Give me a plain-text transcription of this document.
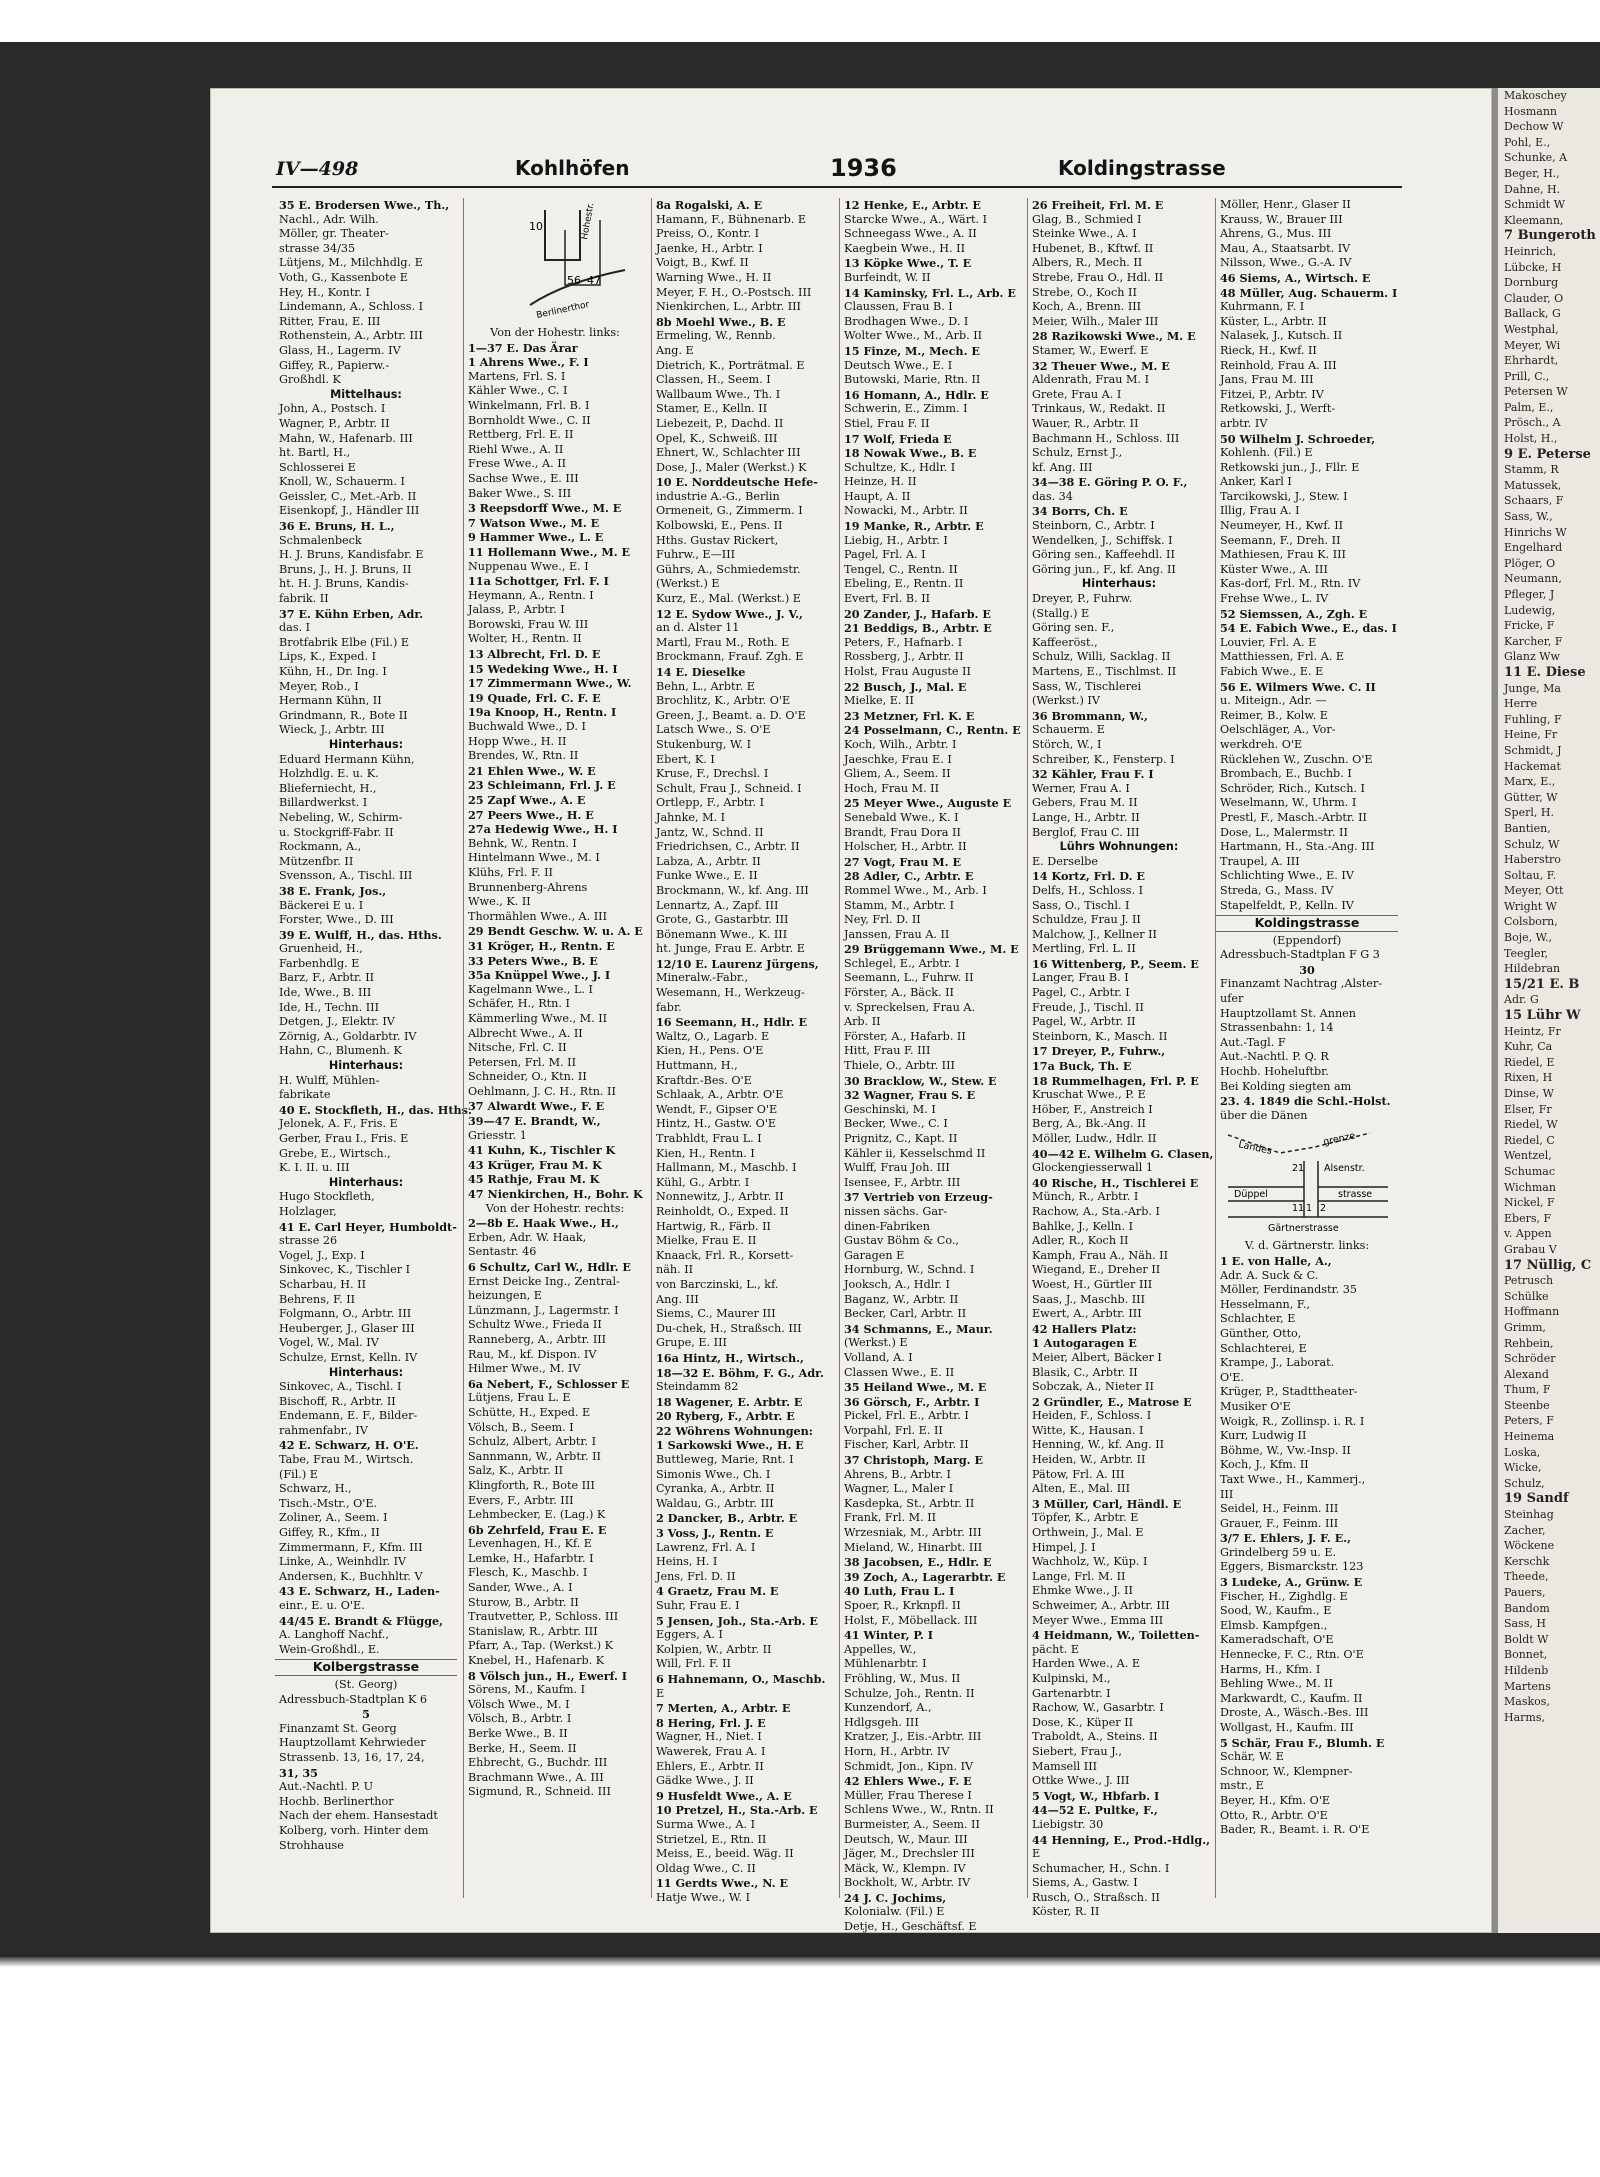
Makoschey
Hosmann
Dechow W
Pohl, E.,
Schunke, A
Beger, H.,
Dahne, H.
Schmidt W
Kleemann,
7 Bungeroth
Heinrich,
Lübcke, H
Dornburg
Clauder, O
Ballack, G
Westphal,
Meyer, Wi
Ehrhardt,
Prill, C.,
Petersen W
Palm, E.,
Prösch., A
Holst, H.,
9 E. Peterse
Stamm, R
Matussek,
Schaars, F
Sass, W.,
Hinrichs W
Engelhard
Plöger, O
Neumann,
Pfleger, J
Ludewig,
Fricke, F
Karcher, F
Glanz Ww
11 E. Diese
Junge, Ma
Herre
Fuhling, F
Heine, Fr
Schmidt, J
Hackemat
Marx, E.,
Gütter, W
Sperl, H.
Bantien,
Schulz, W
Haberstro
Soltau, F.
Meyer, Ott
Wright W
Colsborn,
Boje, W.,
Teegler,
Hildebran
15/21 E. B
Adr. G
15 Lühr W
Heintz, Fr
Kuhr, Ca
Riedel, E
Rixen, H
Dinse, W
Elser, Fr
Riedel, W
Riedel, C
Wentzel,
Schumac
Wichman
Nickel, F
Ebers, F
v. Appen
Grabau V
17 Nüllig, C
Petrusch
Schülke
Hoffmann
Grimm,
Rehbein,
Schröder
Alexand
Thum, F
Steenbe
Peters, F
Heinema
Loska,
Wicke,
Schulz,
19 Sandf
Steinhag
Zacher,
Wöckene
Kerschk
Theede,
Pauers,
Bandom
Sass, H
Boldt W
Bonnet,
Hildenb
Martens
Maskos,
Harms,
IV—498	Kohlhöfen	1936	Koldingstrasse
35 E. Brodersen Wwe., Th.,
Nachl., Adr. Wilh.
Möller, gr. Theater-
strasse 34/35
Lütjens, M., Milchhdlg. E
Voth, G., Kassenbote E
Hey, H., Kontr. I
Lindemann, A., Schloss. I
Ritter, Frau, E. III
Rothenstein, A., Arbtr. III
Glass, H., Lagerm. IV
Giffey, R., Papierw.-
Großhdl. K
Mittelhaus:
John, A., Postsch. I
Wagner, P., Arbtr. II
Mahn, W., Hafenarb. III
ht. Bartl, H.,
Schlosserei E
Knoll, W., Schauerm. I
Geissler, C., Met.-Arb. II
Eisenkopf, J., Händler III
36 E. Bruns, H. L.,
Schmalenbeck
H. J. Bruns, Kandisfabr. E
Bruns, J., H. J. Bruns, II
ht. H. J. Bruns, Kandis-
fabrik. II
37 E. Kühn Erben, Adr.
das. I
Brotfabrik Elbe (Fil.) E
Lips, K., Exped. I
Kühn, H., Dr. Ing. I
Meyer, Rob., I
Hermann Kühn, II
Grindmann, R., Bote II
Wieck, J., Arbtr. III
Hinterhaus:
Eduard Hermann Kühn,
Holzhdlg. E. u. K.
Blieferniecht, H.,
Billardwerkst. I
Nebeling, W., Schirm-
u. Stockgriff-Fabr. II
Rockmann, A.,
Mützenfbr. II
Svensson, A., Tischl. III
38 E. Frank, Jos.,
Bäckerei E u. I
Forster, Wwe., D. III
39 E. Wulff, H., das. Hths.
Gruenheid, H.,
Farbenhdlg. E
Barz, F., Arbtr. II
Ide, Wwe., B. III
Ide, H., Techn. III
Detgen, J., Elektr. IV
Zörnig, A., Goldarbtr. IV
Hahn, C., Blumenh. K
Hinterhaus:
H. Wulff, Mühlen-
fabrikate
40 E. Stockfleth, H., das. Hths.
Jelonek, A. F., Fris. E
Gerber, Frau I., Fris. E
Grebe, E., Wirtsch.,
K. I. II. u. III
Hinterhaus:
Hugo Stockfleth,
Holzlager,
41 E. Carl Heyer, Humboldt-
strasse 26
Vogel, J., Exp. I
Sinkovec, K., Tischler I
Scharbau, H. II
Behrens, F. II
Folgmann, O., Arbtr. III
Heuberger, J., Glaser III
Vogel, W., Mal. IV
Schulze, Ernst, Kelln. IV
Hinterhaus:
Sinkovec, A., Tischl. I
Bischoff, R., Arbtr. II
Endemann, E. F., Bilder-
rahmenfabr., IV
42 E. Schwarz, H. O'E.
Tabe, Frau M., Wirtsch.
(Fil.) E
Schwarz, H.,
Tisch.-Mstr., O'E.
Zoliner, A., Seem. I
Giffey, R., Kfm., II
Zimmermann, F., Kfm. III
Linke, A., Weinhdlr. IV
Andersen, K., Buchhltr. V
43 E. Schwarz, H., Laden-
einr., E. u. O'E.
44/45 E. Brandt & Flügge,
A. Langhoff Nachf.,
Wein-Großhdl., E.
Kolbergstrasse
(St. Georg)
Adressbuch-Stadtplan K 6
5
Finanzamt St. Georg
Hauptzollamt Kehrwieder
Strassenb. 13, 16, 17, 24,
31, 35
Aut.-Nachtl. P. U
Hochb. Berlinerthor
Nach der ehem. Hansestadt
Kolberg, vorh. Hinter dem
Strohhause
10
56 47
Hohestr.
Berlinerthor
Von der Hohestr. links:
1—37 E. Das Ärar
1 Ahrens Wwe., F. I
Martens, Frl. S. I
Kähler Wwe., C. I
Winkelmann, Frl. B. I
Bornholdt Wwe., C. II
Rettberg, Frl. E. II
Riehl Wwe., A. II
Frese Wwe., A. II
Sachse Wwe., E. III
Baker Wwe., S. III
3 Reepsdorff Wwe., M. E
7 Watson Wwe., M. E
9 Hammer Wwe., L. E
11 Hollemann Wwe., M. E
Nuppenau Wwe., E. I
11a Schottger, Frl. F. I
Heymann, A., Rentn. I
Jalass, P., Arbtr. I
Borowski, Frau W. III
Wolter, H., Rentn. II
13 Albrecht, Frl. D. E
15 Wedeking Wwe., H. I
17 Zimmermann Wwe., W.
19 Quade, Frl. C. F. E
19a Knoop, H., Rentn. I
Buchwald Wwe., D. I
Hopp Wwe., H. II
Brendes, W., Rtn. II
21 Ehlen Wwe., W. E
23 Schleimann, Frl. J. E
25 Zapf Wwe., A. E
27 Peers Wwe., H. E
27a Hedewig Wwe., H. I
Behnk, W., Rentn. I
Hintelmann Wwe., M. I
Klühs, Frl. F. II
Brunnenberg-Ahrens
Wwe., K. II
Thormählen Wwe., A. III
29 Bendt Geschw. W. u. A. E
31 Kröger, H., Rentn. E
33 Peters Wwe., B. E
35a Knüppel Wwe., J. I
Kagelmann Wwe., L. I
Schäfer, H., Rtn. I
Kämmerling Wwe., M. II
Albrecht Wwe., A. II
Nitsche, Frl. C. II
Petersen, Frl. M. II
Schneider, O., Ktn. II
Oehlmann, J. C. H., Rtn. II
37 Alwardt Wwe., F. E
39—47 E. Brandt, W.,
Griesstr. 1
41 Kuhn, K., Tischler K
43 Krüger, Frau M. K
45 Rathje, Frau M. K
47 Nienkirchen, H., Bohr. K
Von der Hohestr. rechts:
2—8b E. Haak Wwe., H.,
Erben, Adr. W. Haak,
Sentastr. 46
6 Schultz, Carl W., Hdlr. E
Ernst Deicke Ing., Zentral-
heizungen, E
Lünzmann, J., Lagermstr. I
Schultz Wwe., Frieda II
Ranneberg, A., Arbtr. III
Rau, M., kf. Dispon. IV
Hilmer Wwe., M. IV
6a Nebert, F., Schlosser E
Lütjens, Frau L. E
Schütte, H., Exped. E
Völsch, B., Seem. I
Schulz, Albert, Arbtr. I
Sannmann, W., Arbtr. II
Salz, K., Arbtr. II
Klingforth, R., Bote III
Evers, F., Arbtr. III
Lehmbecker, E. (Lag.) K
6b Zehrfeld, Frau E. E
Levenhagen, H., Kf. E
Lemke, H., Hafarbtr. I
Flesch, K., Maschb. I
Sander, Wwe., A. I
Sturow, B., Arbtr. II
Trautvetter, P., Schloss. III
Stanislaw, R., Arbtr. III
Pfarr, A., Tap. (Werkst.) K
Knebel, H., Hafenarb. K
8 Völsch jun., H., Ewerf. I
Sörens, M., Kaufm. I
Völsch Wwe., M. I
Völsch, B., Arbtr. I
Berke Wwe., B. II
Berke, H., Seem. II
Ehbrecht, G., Buchdr. III
Brachmann Wwe., A. III
Sigmund, R., Schneid. III
8a Rogalski, A. E
Hamann, F., Bühnenarb. E
Preiss, O., Kontr. I
Jaenke, H., Arbtr. I
Voigt, B., Kwf. II
Warning Wwe., H. II
Meyer, F. H., O.-Postsch. III
Nienkirchen, L., Arbtr. III
8b Moehl Wwe., B. E
Ermeling, W., Rennb.
Ang. E
Dietrich, K., Porträtmal. E
Classen, H., Seem. I
Wallbaum Wwe., Th. I
Stamer, E., Kelln. II
Liebezeit, P., Dachd. II
Opel, K., Schweiß. III
Ehnert, W., Schlachter III
Dose, J., Maler (Werkst.) K
10 E. Norddeutsche Hefe-
industrie A.-G., Berlin
Ormeneit, G., Zimmerm. I
Kolbowski, E., Pens. II
Hths. Gustav Rickert,
Fuhrw., E—III
Gührs, A., Schmiedemstr.
(Werkst.) E
Kurz, E., Mal. (Werkst.) E
12 E. Sydow Wwe., J. V.,
an d. Alster 11
Martl, Frau M., Roth. E
Brockmann, Frauf. Zgh. E
14 E. Dieselke
Behn, L., Arbtr. E
Brochlitz, K., Arbtr. O'E
Green, J., Beamt. a. D. O'E
Latsch Wwe., S. O'E
Stukenburg, W. I
Ebert, K. I
Kruse, F., Drechsl. I
Schult, Frau J., Schneid. I
Ortlepp, F., Arbtr. I
Jahnke, M. I
Jantz, W., Schnd. II
Friedrichsen, C., Arbtr. II
Labza, A., Arbtr. II
Funke Wwe., E. II
Brockmann, W., kf. Ang. III
Lennartz, A., Zapf. III
Grote, G., Gastarbtr. III
Bönemann Wwe., K. III
ht. Junge, Frau E. Arbtr. E
12/10 E. Laurenz Jürgens,
Mineralw.-Fabr.,
Wesemann, H., Werkzeug-
fabr.
16 Seemann, H., Hdlr. E
Waltz, O., Lagarb. E
Kien, H., Pens. O'E
Huttmann, H.,
Kraftdr.-Bes. O'E
Schlaak, A., Arbtr. O'E
Wendt, F., Gipser O'E
Hintz, H., Gastw. O'E
Trabhldt, Frau L. I
Kien, H., Rentn. I
Hallmann, M., Maschb. I
Kühl, G., Arbtr. I
Nonnewitz, J., Arbtr. II
Reinholdt, O., Exped. II
Hartwig, R., Färb. II
Mielke, Frau E. II
Knaack, Frl. R., Korsett-
näh. II
von Barczinski, L., kf.
Ang. III
Siems, C., Maurer III
Du-chek, H., Straßsch. III
Grupe, E. III
16a Hintz, H., Wirtsch.,
18—32 E. Böhm, F. G., Adr.
Steindamm 82
18 Wagener, E. Arbtr. E
20 Ryberg, F., Arbtr. E
22 Wöhrens Wohnungen:
1 Sarkowski Wwe., H. E
Buttleweg, Marie, Rnt. I
Simonis Wwe., Ch. I
Cyranka, A., Arbtr. II
Waldau, G., Arbtr. III
2 Dancker, B., Arbtr. E
3 Voss, J., Rentn. E
Lawrenz, Frl. A. I
Heins, H. I
Jens, Frl. D. II
4 Graetz, Frau M. E
Suhr, Frau E. I
5 Jensen, Joh., Sta.-Arb. E
Eggers, A. I
Kolpien, W., Arbtr. II
Will, Frl. F. II
6 Hahnemann, O., Maschb.
E
7 Merten, A., Arbtr. E
8 Hering, Frl. J. E
Wagner, H., Niet. I
Wawerek, Frau A. I
Ehlers, E., Arbtr. II
Gädke Wwe., J. II
9 Husfeldt Wwe., A. E
10 Pretzel, H., Sta.-Arb. E
Surma Wwe., A. I
Strietzel, E., Rtn. II
Meiss, E., beeid. Wäg. II
Oldag Wwe., C. II
11 Gerdts Wwe., N. E
Hatje Wwe., W. I
12 Henke, E., Arbtr. E
Starcke Wwe., A., Wärt. I
Schneegass Wwe., A. II
Kaegbein Wwe., H. II
13 Köpke Wwe., T. E
Burfeindt, W. II
14 Kaminsky, Frl. L., Arb. E
Claussen, Frau B. I
Brodhagen Wwe., D. I
Wolter Wwe., M., Arb. II
15 Finze, M., Mech. E
Deutsch Wwe., E. I
Butowski, Marie, Rtn. II
16 Homann, A., Hdlr. E
Schwerin, E., Zimm. I
Stiel, Frau F. II
17 Wolf, Frieda E
18 Nowak Wwe., B. E
Schultze, K., Hdlr. I
Heinze, H. II
Haupt, A. II
Nowacki, M., Arbtr. II
19 Manke, R., Arbtr. E
Liebig, H., Arbtr. I
Pagel, Frl. A. I
Tengel, C., Rentn. II
Ebeling, E., Rentn. II
Evert, Frl. B. II
20 Zander, J., Hafarb. E
21 Beddigs, B., Arbtr. E
Peters, F., Hafnarb. I
Rossberg, J., Arbtr. II
Holst, Frau Auguste II
22 Busch, J., Mal. E
Mielke, E. II
23 Metzner, Frl. K. E
24 Posselmann, C., Rentn. E
Koch, Wilh., Arbtr. I
Jaeschke, Frau E. I
Gliem, A., Seem. II
Hoch, Frau M. II
25 Meyer Wwe., Auguste E
Senebald Wwe., K. I
Brandt, Frau Dora II
Holscher, H., Arbtr. II
27 Vogt, Frau M. E
28 Adler, C., Arbtr. E
Rommel Wwe., M., Arb. I
Stamm, M., Arbtr. I
Ney, Frl. D. II
Janssen, Frau A. II
29 Brüggemann Wwe., M. E
Schlegel, E., Arbtr. I
Seemann, L., Fuhrw. II
Förster, A., Bäck. II
v. Spreckelsen, Frau A.
Arb. II
Förster, A., Hafarb. II
Hitt, Frau F. III
Thiele, O., Arbtr. III
30 Bracklow, W., Stew. E
32 Wagner, Frau S. E
Geschinski, M. I
Becker, Wwe., C. I
Prignitz, C., Kapt. II
Kähler ii, Kesselschmd II
Wulff, Frau Joh. III
Isensee, F., Arbtr. III
37 Vertrieb von Erzeug-
nissen sächs. Gar-
dinen-Fabriken
Gustav Böhm & Co.,
Garagen E
Hornburg, W., Schnd. I
Jooksch, A., Hdlr. I
Baganz, W., Arbtr. II
Becker, Carl, Arbtr. II
34 Schmanns, E., Maur.
(Werkst.) E
Volland, A. I
Classen Wwe., E. II
35 Heiland Wwe., M. E
36 Görsch, F., Arbtr. I
Pickel, Frl. E., Arbtr. I
Vorpahl, Frl. E. II
Fischer, Karl, Arbtr. II
37 Christoph, Marg. E
Ahrens, B., Arbtr. I
Wagner, L., Maler I
Kasdepka, St., Arbtr. II
Frank, Frl. M. II
Wrzesniak, M., Arbtr. III
Mieland, W., Hinarbt. III
38 Jacobsen, E., Hdlr. E
39 Zoch, A., Lagerarbtr. E
40 Luth, Frau L. I
Spoer, R., Krknpfl. II
Holst, F., Möbellack. III
41 Winter, P. I
Appelles, W.,
Mühlenarbtr. I
Fröhling, W., Mus. II
Schulze, Joh., Rentn. II
Kunzendorf, A.,
Hdlgsgeh. III
Kratzer, J., Eis.-Arbtr. III
Horn, H., Arbtr. IV
Schmidt, Jon., Kipn. IV
42 Ehlers Wwe., F. E
Müller, Frau Therese I
Schlens Wwe., W., Rntn. II
Burmeister, A., Seem. II
Deutsch, W., Maur. III
Jäger, M., Drechsler III
Mäck, W., Klempn. IV
Bockholt, W., Arbtr. IV
24 J. C. Jochims,
Kolonialw. (Fil.) E
Detje, H., Geschäftsf. E
26 Freiheit, Frl. M. E
Glag, B., Schmied I
Steinke Wwe., A. I
Hubenet, B., Kftwf. II
Albers, R., Mech. II
Strebe, Frau O., Hdl. II
Strebe, O., Koch II
Koch, A., Brenn. III
Meier, Wilh., Maler III
28 Razikowski Wwe., M. E
Stamer, W., Ewerf. E
32 Theuer Wwe., M. E
Aldenrath, Frau M. I
Grete, Frau A. I
Trinkaus, W., Redakt. II
Wauer, R., Arbtr. II
Bachmann H., Schloss. III
Schulz, Ernst J.,
kf. Ang. III
34—38 E. Göring P. O. F.,
das. 34
34 Borrs, Ch. E
Steinborn, C., Arbtr. I
Wendelken, J., Schiffsk. I
Göring sen., Kaffeehdl. II
Göring jun., F., kf. Ang. II
Hinterhaus:
Dreyer, P., Fuhrw.
(Stallg.) E
Göring sen. F.,
Kaffeeröst.,
Schulz, Willi, Sacklag. II
Martens, E., Tischlmst. II
Sass, W., Tischlerei
(Werkst.) IV
36 Brommann, W.,
Schauerm. E
Störch, W., I
Schreiber, K., Fensterp. I
32 Kähler, Frau F. I
Werner, Frau A. I
Gebers, Frau M. II
Lange, H., Arbtr. II
Berglof, Frau C. III
Lührs Wohnungen:
E. Derselbe
14 Kortz, Frl. D. E
Delfs, H., Schloss. I
Sass, O., Tischl. I
Schuldze, Frau J. II
Malchow, J., Kellner II
Mertling, Frl. L. II
16 Wittenberg, P., Seem. E
Langer, Frau B. I
Pagel, C., Arbtr. I
Freude, J., Tischl. II
Pagel, W., Arbtr. II
Steinborn, K., Masch. II
17 Dreyer, P., Fuhrw.,
17a Buck, Th. E
18 Rummelhagen, Frl. P. E
Kruschat Wwe., P. E
Höber, F., Anstreich I
Berg, A., Bk.-Ang. II
Möller, Ludw., Hdlr. II
40—42 E. Wilhelm G. Clasen,
Glockengiesserwall 1
40 Rische, H., Tischlerei E
Münch, R., Arbtr. I
Rachow, A., Sta.-Arb. I
Bahlke, J., Kelln. I
Adler, R., Koch II
Kamph, Frau A., Näh. II
Wiegand, E., Dreher II
Woest, H., Gürtler III
Saas, J., Maschb. III
Ewert, A., Arbtr. III
42 Hallers Platz:
1 Autogaragen E
Meier, Albert, Bäcker I
Blasik, C., Arbtr. II
Sobczak, A., Nieter II
2 Gründler, E., Matrose E
Heiden, F., Schloss. I
Witte, K., Hausan. I
Henning, W., kf. Ang. II
Heiden, W., Arbtr. II
Pätow, Frl. A. III
Alten, E., Mal. III
3 Müller, Carl, Händl. E
Töpfer, K., Arbtr. E
Orthwein, J., Mal. E
Himpel, J. I
Wachholz, W., Küp. I
Lange, Frl. M. II
Ehmke Wwe., J. II
Schweimer, A., Arbtr. III
Meyer Wwe., Emma III
4 Heidmann, W., Toiletten-
pächt. E
Harden Wwe., A. E
Kulpinski, M.,
Gartenarbtr. I
Rachow, W., Gasarbtr. I
Dose, K., Küper II
Traboldt, A., Steins. II
Siebert, Frau J.,
Mamsell III
Ottke Wwe., J. III
5 Vogt, W., Hbfarb. I
44—52 E. Pultke, F.,
Liebigstr. 30
44 Henning, E., Prod.-Hdlg.,
E
Schumacher, H., Schn. I
Siems, A., Gastw. I
Rusch, O., Straßsch. II
Köster, R. II
Möller, Henr., Glaser II
Krauss, W., Brauer III
Ahrens, G., Mus. III
Mau, A., Staatsarbt. IV
Nilsson, Wwe., G.-A. IV
46 Siems, A., Wirtsch. E
48 Müller, Aug. Schauerm. I
Kuhrmann, F. I
Küster, L., Arbtr. II
Nalasek, J., Kutsch. II
Rieck, H., Kwf. II
Reinhold, Frau A. III
Jans, Frau M. III
Fitzei, P., Arbtr. IV
Retkowski, J., Werft-
arbtr. IV
50 Wilhelm J. Schroeder,
Kohlenh. (Fil.) E
Retkowski jun., J., Fllr. E
Anker, Karl I
Tarcikowski, J., Stew. I
Illig, Frau A. I
Neumeyer, H., Kwf. II
Seemann, F., Dreh. II
Mathiesen, Frau K. III
Küster Wwe., A. III
Kas-dorf, Frl. M., Rtn. IV
Frehse Wwe., L. IV
52 Siemssen, A., Zgh. E
54 E. Fabich Wwe., E., das. I
Louvier, Frl. A. E
Matthiessen, Frl. A. E
Fabich Wwe., E. E
56 E. Wilmers Wwe. C. II
u. Miteign., Adr. —
Reimer, B., Kolw. E
Oelschläger, A., Vor-
werkdreh. O'E
Rücklehen W., Zuschn. O'E
Brombach, E., Buchb. I
Schröder, Rich., Kutsch. I
Weselmann, W., Uhrm. I
Prestl, F., Masch.-Arbtr. II
Dose, L., Malermstr. II
Hartmann, H., Sta.-Ang. III
Traupel, A. III
Schlichting Wwe., E. IV
Streda, G., Mass. IV
Stapelfeldt, P., Kelln. IV
Koldingstrasse
(Eppendorf)
Adressbuch-Stadtplan F G 3
30
Finanzamt Nachtrag ,Alster-
ufer
Hauptzollamt St. Annen
Strassenbahn: 1, 14
Aut.-Tagl. F
Aut.-Nachtl. P. Q. R
Hochb. Hoheluftbr.
Bei Kolding siegten am
23. 4. 1849 die Schl.-Holst.
über die Dänen
Landes	grenze
Alsenstr.
strasse
Düppel
21
11 1 2
Gärtnerstrasse
V. d. Gärtnerstr. links:
1 E. von Halle, A.,
Adr. A. Suck & C.
Möller, Ferdinandstr. 35
Hesselmann, F.,
Schlachter, E
Günther, Otto,
Schlachterei, E
Krampe, J., Laborat.
O'E.
Krüger, P., Stadttheater-
Musiker O'E
Woigk, R., Zollinsp. i. R. I
Kurr, Ludwig II
Böhme, W., Vw.-Insp. II
Koch, J., Kfm. II
Taxt Wwe., H., Kammerj.,
III
Seidel, H., Feinm. III
Grauer, F., Feinm. III
3/7 E. Ehlers, J. F. E.,
Grindelberg 59 u. E.
Eggers, Bismarckstr. 123
3 Ludeke, A., Grünw. E
Fischer, H., Zighdlg. E
Sood, W., Kaufm., E
Elmsb. Kampfgen.,
Kameradschaft, O'E
Hennecke, F. C., Rtn. O'E
Harms, H., Kfm. I
Behling Wwe., M. II
Markwardt, C., Kaufm. II
Droste, A., Wäsch.-Bes. III
Wollgast, H., Kaufm. III
5 Schär, Frau F., Blumh. E
Schär, W. E
Schnoor, W., Klempner-
mstr., E
Beyer, H., Kfm. O'E
Otto, R., Arbtr. O'E
Bader, R., Beamt. i. R. O'E
